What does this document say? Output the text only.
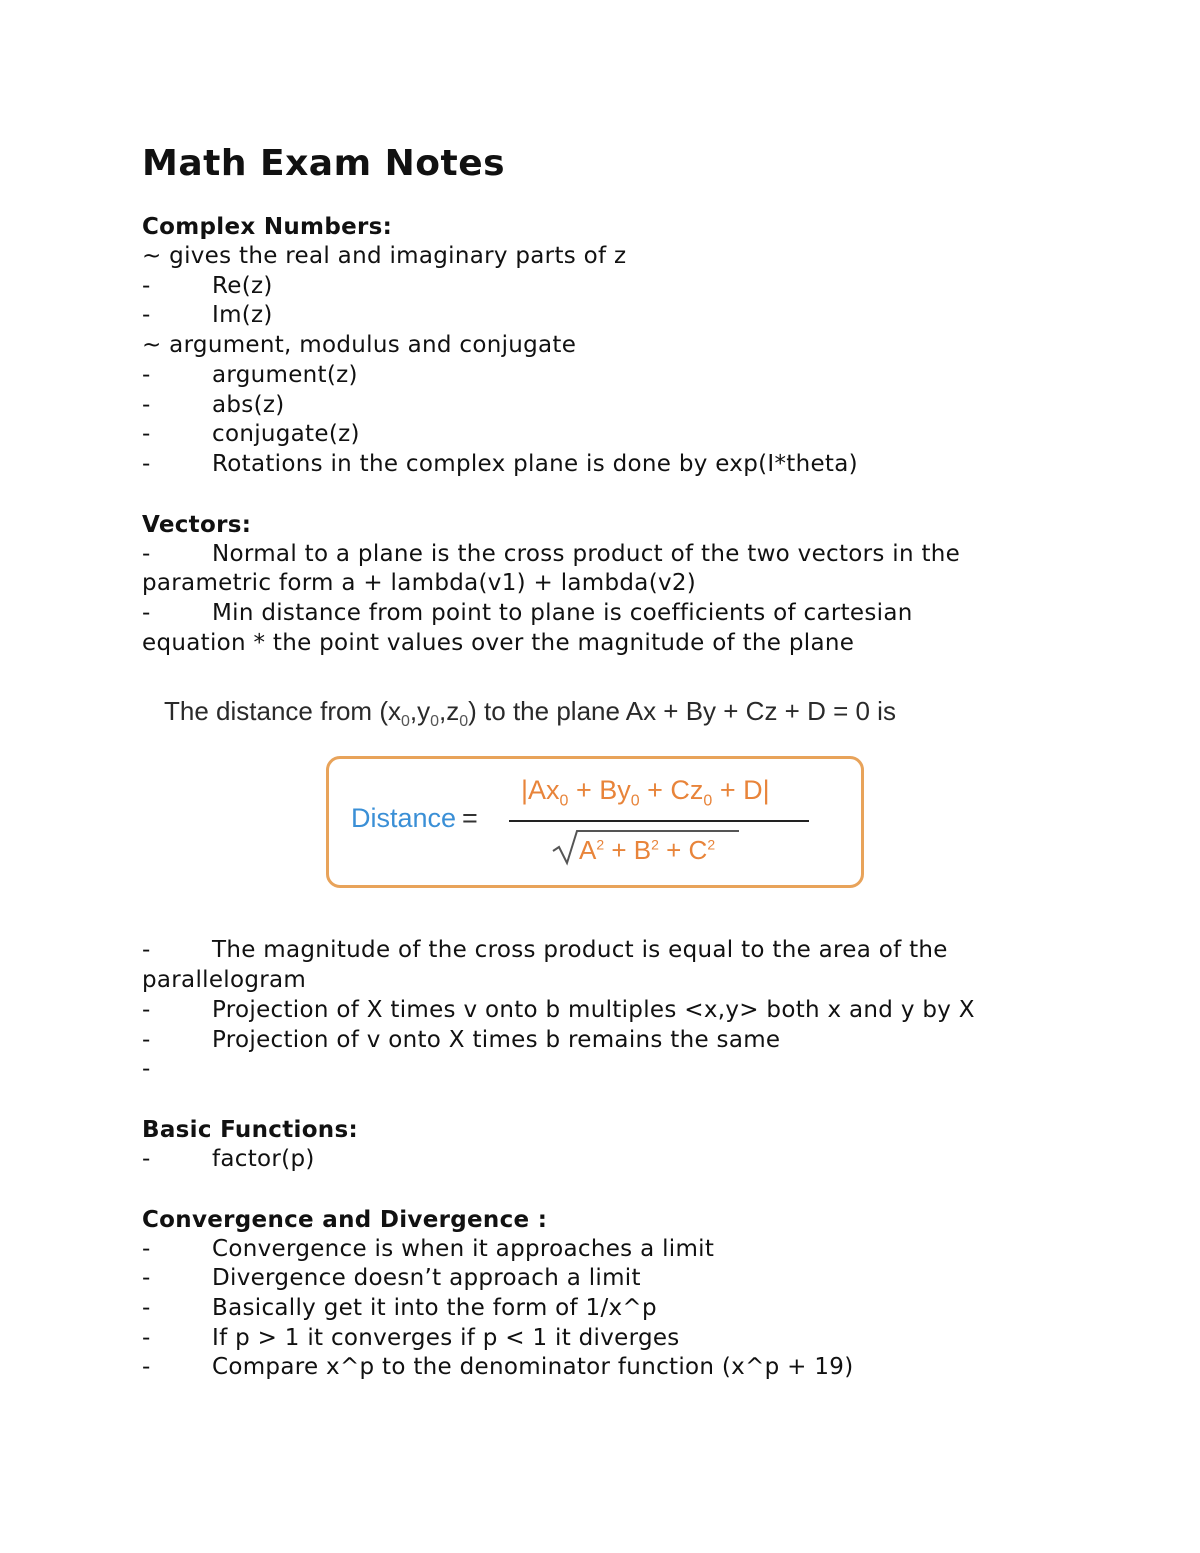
Math Exam Notes
Complex Numbers:
~ gives the real and imaginary parts of z
-	Re(z)
-	Im(z)
~ argument, modulus and conjugate
-	argument(z)
-	abs(z)
-	conjugate(z)
-	Rotations in the complex plane is done by exp(I*theta)
Vectors:
-	Normal to a plane is the cross product of the two vectors in the
parametric form a + lambda(v1) + lambda(v2)
-	Min distance from point to plane is coefficients of cartesian
equation * the point values over the magnitude of the plane
The distance from $(x_0,y_0,z_0)$ to the plane Ax + By + Cz + D = 0 is
Distance =
$|Ax_0 + By_0 + Cz_0 + D|$
$A^2 + B^2 + C^2$
-	The magnitude of the cross product is equal to the area of the
parallelogram
-	Projection of X times v onto b multiples <x,y> both x and y by X
-	Projection of v onto X times b remains the same
-
Basic Functions:
-	factor(p)
Convergence and Divergence :
-	Convergence is when it approaches a limit
-	Divergence doesn’t approach a limit
-	Basically get it into the form of 1/x^p
-	If p > 1 it converges if p < 1 it diverges
-	Compare x^p to the denominator function (x^p + 19)
